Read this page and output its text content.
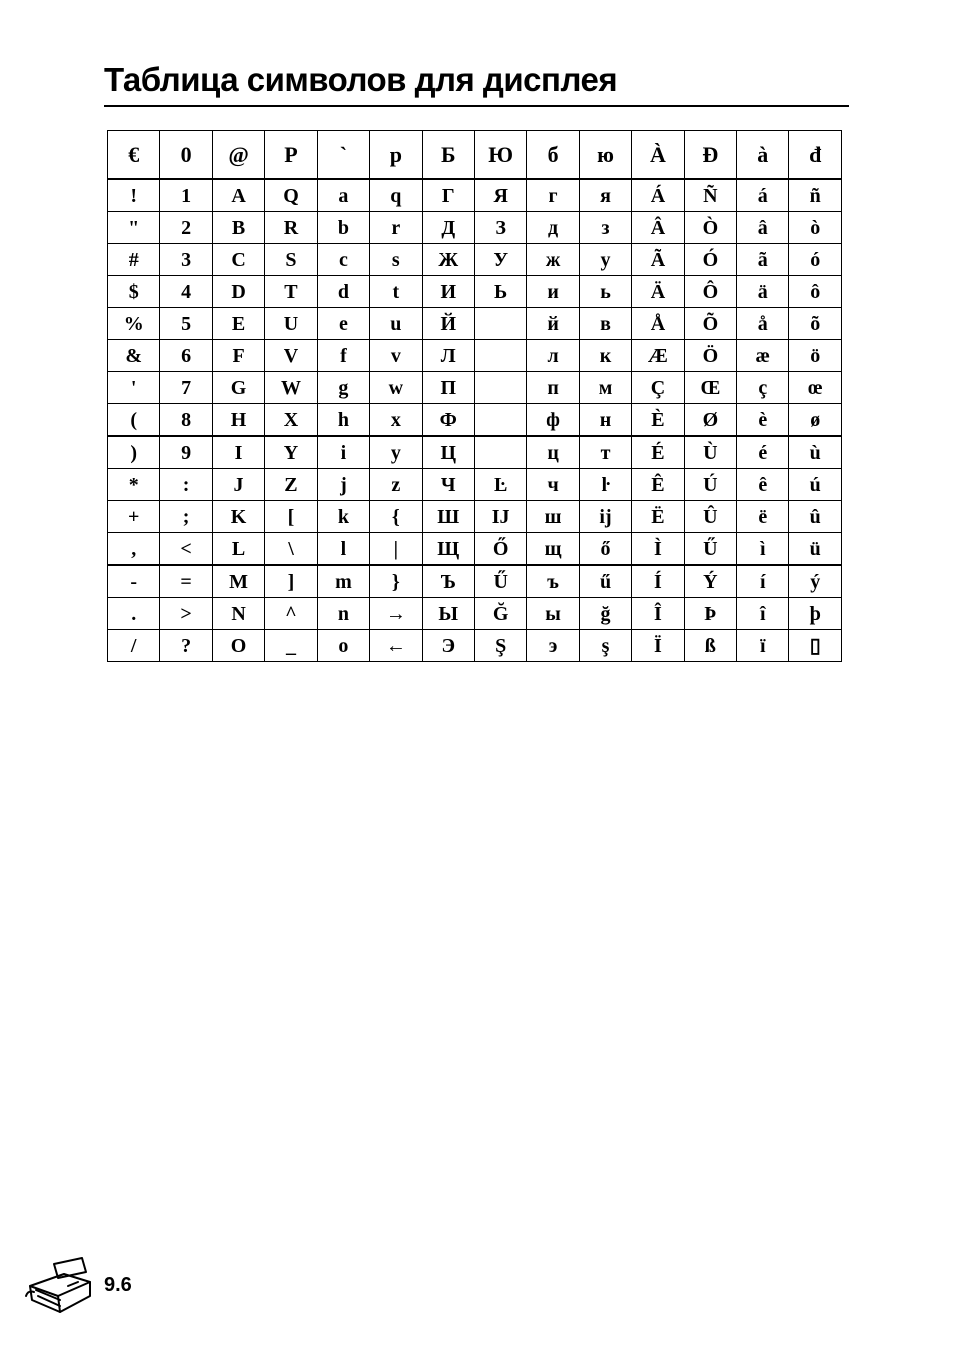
Таблица символов для дисплея
€	0	@	P	`	p	Б	Ю	б	ю	À	Đ	à	đ
!	1	A	Q	a	q	Г	Я	г	я	Á	Ñ	á	ñ
"	2	B	R	b	r	Д	З	д	з	Â	Ò	â	ò
#	3	C	S	c	s	Ж	У	ж	у	Ã	Ó	ã	ó
$	4	D	T	d	t	И	Ь	и	ь	Ä	Ô	ä	ô
%	5	E	U	e	u	Й		й	в	Å	Õ	å	õ
&	6	F	V	f	v	Л		л	к	Æ	Ö	æ	ö
'	7	G	W	g	w	П		п	м	Ç	Œ	ç	œ
(	8	H	X	h	x	Ф		ф	н	È	Ø	è	ø
)	9	I	Y	i	y	Ц		ц	т	É	Ù	é	ù
*	:	J	Z	j	z	Ч	Ŀ	ч	ŀ	Ê	Ú	ê	ú
+	;	K	[	k	{	Ш	IJ	ш	ij	Ë	Û	ë	û
,	<	L	\	l	|	Щ	Ő	щ	ő	Ì	Ű	ì	ü
-	=	M	]	m	}	Ъ	Ű	ъ	ű	Í	Ý	í	ý
.	>	N	^	n	→	Ы	Ğ	ы	ğ	Î	Þ	î	þ
/	?	O	_	o	←	Э	Ş	э	ş	Ï	ß	ï	▯
9.6
